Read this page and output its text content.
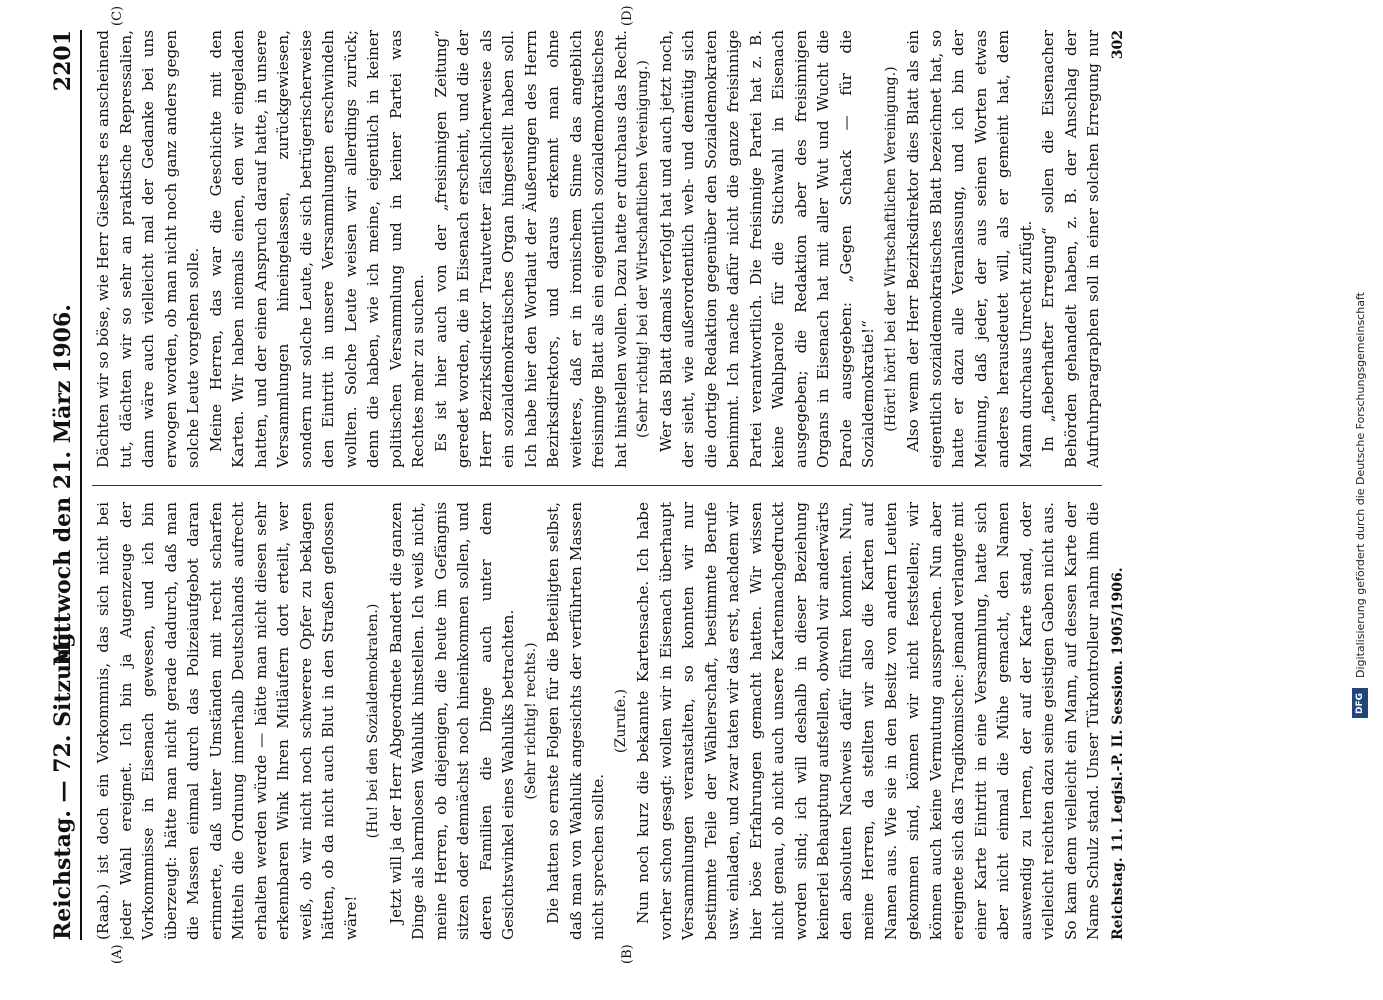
Reichstag. — 72. Sitzung.
Mittwoch den 21. März 1906.
2201
(A)	(B)
(C)	(D)

(Raab.) ist doch ein Vorkommnis, das sich nicht bei jeder Wahl ereignet. Ich bin ja Augenzeuge der Vorkommnisse in Eisenach gewesen, und ich bin überzeugt: hätte man nicht gerade dadurch, daß man die Massen einmal durch das Polizeiaufgebot daran erinnerte, daß unter Umständen mit recht scharfen Mitteln die Ordnung innerhalb Deutschlands aufrecht erhalten werden würde — hätte man nicht diesen sehr erkennbaren Wink Ihren Mitläufern dort erteilt, wer weiß, ob wir nicht noch schwerere Opfer zu beklagen hätten, ob da nicht auch Blut in den Straßen geflossen wäre!

(Hu! bei den Sozialdemokraten.) Jetzt will ja der Herr Abgeordnete Bandert die ganzen Dinge als harmlosen Wahlulk hinstellen. Ich weiß nicht, meine Herren, ob diejenigen, die heute im Gefängnis sitzen oder demnächst noch hineinkommen sollen, und deren Familien die Dinge auch unter dem Gesichtswinkel eines Wahlulks betrachten. (Sehr richtig! rechts.) Die hatten so ernste Folgen für die Beteiligten selbst, daß man von Wahlulk angesichts der verführten Massen nicht sprechen sollte.

(Zurufe.)

Nun noch kurz die bekannte Kartensache. Ich habe vorher schon gesagt: wollen wir in Eisenach überhaupt Versammlungen veranstalten, so konnten wir nur bestimmte Teile der Wählerschaft, bestimmte Berufe usw. einladen, und zwar taten wir das erst, nachdem wir hier böse Erfahrungen gemacht hatten. Wir wissen nicht genau, ob nicht auch unsere Kartennachgedruckt worden sind; ich will deshalb in dieser Beziehung keinerlei Behauptung aufstellen, obwohl wir anderwärts den absoluten Nachweis dafür führen konnten. Nun, meine Herren, da stellten wir also die Karten auf Namen aus. Wie sie in den Besitz von andern Leuten gekommen sind, können wir nicht feststellen; wir können auch keine Vermutung aussprechen. Nun aber ereignete sich das Tragikomische: jemand verlangte mit einer Karte Eintritt in eine Versammlung, hatte sich aber nicht einmal die Mühe gemacht, den Namen auswendig zu lernen, der auf der Karte stand, oder vielleicht reichten dazu seine geistigen Gaben nicht aus. So kam denn vielleicht ein Mann, auf dessen Karte der Name Schulz stand. Unser Türkontrolleur nahm ihm die

Dächten wir so böse, wie Herr Giesberts es anscheinend tut, dächten wir so sehr an praktische Repressalien, dann wäre auch vielleicht mal der Gedanke bei uns erwogen worden, ob man nicht noch ganz anders gegen solche Leute vorgehen solle. Meine Herren, das war die Geschichte mit den Karten. Wir haben niemals einen, den wir eingeladen hatten, und der einen Anspruch darauf hatte, in unsere Versammlungen hineingelassen, zurückgewiesen, sondern nur solche Leute, die sich betrügerischerweise den Eintritt in unsere Versammlungen erschwindeln wollten. Solche Leute weisen wir allerdings zurück; denn die haben, wie ich meine, eigentlich in keiner politischen Versammlung und in keiner Partei was Rechtes mehr zu suchen. Es ist hier auch von der „freisinnigen Zeitung“ geredet worden, die in Eisenach erscheint, und die der Herr Bezirksdirektor Trautvetter fälschlicherweise als ein sozialdemokratisches Organ hingestellt haben soll. Ich habe hier den Wortlaut der Äußerungen des Herrn Bezirksdirektors, und daraus erkennt man ohne weiteres, daß er in ironischem Sinne das angeblich freisinnige Blatt als ein eigentlich sozialdemokratisches hat hinstellen wollen. Dazu hatte er durchaus das Recht. (Sehr richtig! bei der Wirtschaftlichen Vereinigung.) Wer das Blatt damals verfolgt hat und auch jetzt noch, der sieht, wie außerordentlich weh- und demütig sich die dortige Redaktion gegenüber den Sozialdemokraten benimmt. Ich mache dafür nicht die ganze freisinnige Partei verantwortlich. Die freisinnige Partei hat z. B. keine Wahlparole für die Stichwahl in Eisenach ausgegeben; die Redaktion aber des freisinnigen Organs in Eisenach hat mit aller Wut und Wucht die Parole ausgegeben: „Gegen Schack — für die Sozialdemokratie!“ (Hört! hört! bei der Wirtschaftlichen Vereinigung.) Also wenn der Herr Bezirksdirektor dies Blatt als ein eigentlich sozialdemokratisches Blatt bezeichnet hat, so hatte er dazu alle Veranlassung, und ich bin der Meinung, daß jeder, der aus seinen Worten etwas anderes herausdeutet will, als er gemeint hat, dem Mann durchaus Unrecht zufügt. In „fieberhafter Erregung“ sollen die Eisenacher Behörden gehandelt haben, z. B. der Anschlag der Aufruhrparagraphen soll in einer solchen Erregung nur

Reichstag. 11. Legisl.-P. II. Session. 1905/1906.
302
Digitalisierung gefördert durch die Deutsche Forschungsgemeinschaft
DFG
